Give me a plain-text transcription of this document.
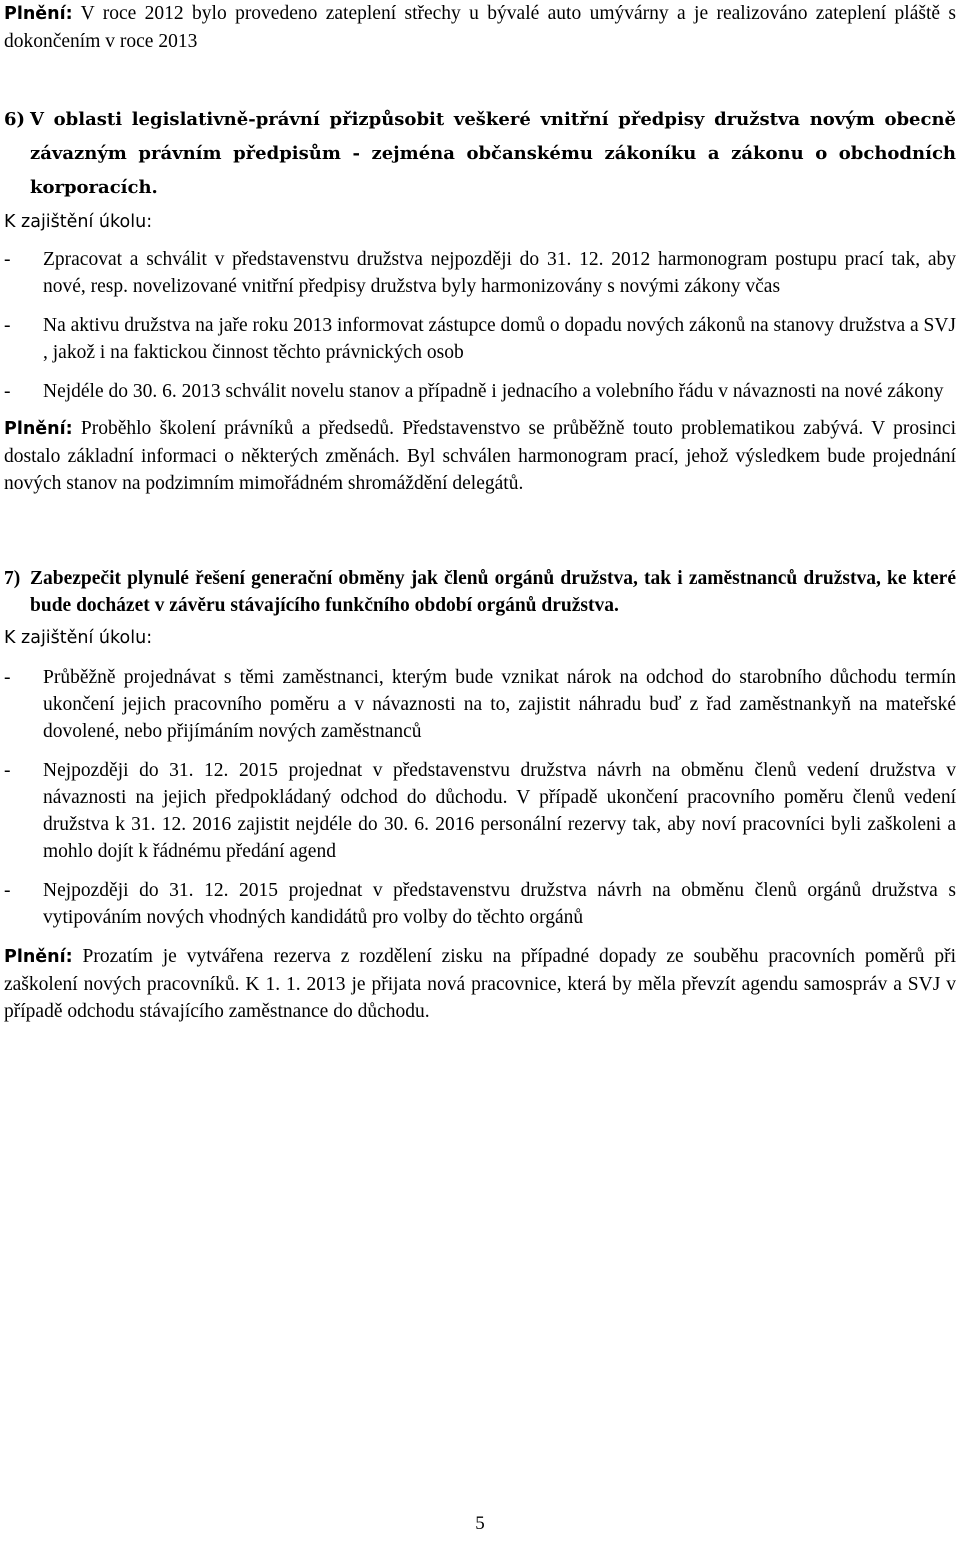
Plnění: V roce 2012 bylo provedeno zateplení střechy u bývalé auto umývárny a je realizováno zateplení pláště s dokončením v roce 2013

6) V oblasti legislativně-právní přizpůsobit veškeré vnitřní předpisy družstva novým obecně závazným právním předpisům - zejména občanskému zákoníku a zákonu o obchodních korporacích.

K zajištění úkolu:

- Zpracovat a schválit v představenstvu družstva nejpozději do 31. 12. 2012 harmonogram postupu prací tak, aby nové, resp. novelizované vnitřní předpisy družstva byly harmonizovány s novými zákony včas

- Na aktivu družstva na jaře roku 2013 informovat zástupce domů o dopadu nových zákonů na stanovy družstva a SVJ , jakož i na faktickou činnost těchto právnických osob

- Nejdéle do 30. 6. 2013 schválit novelu stanov a případně i jednacího a volebního řádu v návaznosti na nové zákony

Plnění: Proběhlo školení právníků a předsedů. Představenstvo se průběžně touto problematikou zabývá. V prosinci dostalo základní informaci o některých změnách. Byl schválen harmonogram prací, jehož výsledkem bude projednání nových stanov na podzimním mimořádném shromáždění delegátů.

7) Zabezpečit plynulé řešení generační obměny jak členů orgánů družstva, tak i zaměstnanců družstva, ke které bude docházet v závěru stávajícího funkčního období orgánů družstva.

K zajištění úkolu:

- Průběžně projednávat s těmi zaměstnanci, kterým bude vznikat nárok na odchod do starobního důchodu termín ukončení jejich pracovního poměru a v návaznosti na to, zajistit náhradu buď z řad zaměstnankyň na mateřské dovolené, nebo přijímáním nových zaměstnanců

- Nejpozději do 31. 12. 2015 projednat v představenstvu družstva návrh na obměnu členů vedení družstva v návaznosti na jejich předpokládaný odchod do důchodu. V případě ukončení pracovního poměru členů vedení družstva k 31. 12. 2016 zajistit nejdéle do 30. 6. 2016 personální rezervy tak, aby noví pracovníci byli zaškoleni a mohlo dojít k řádnému předání agend

- Nejpozději do 31. 12. 2015 projednat v představenstvu družstva návrh na obměnu členů orgánů družstva s vytipováním nových vhodných kandidátů pro volby do těchto orgánů

Plnění: Prozatím je vytvářena rezerva z rozdělení zisku na případné dopady ze souběhu pracovních poměrů při zaškolení nových pracovníků. K 1. 1. 2013 je přijata nová pracovnice, která by měla převzít agendu samospráv a SVJ v případě odchodu stávajícího zaměstnance do důchodu.

5
